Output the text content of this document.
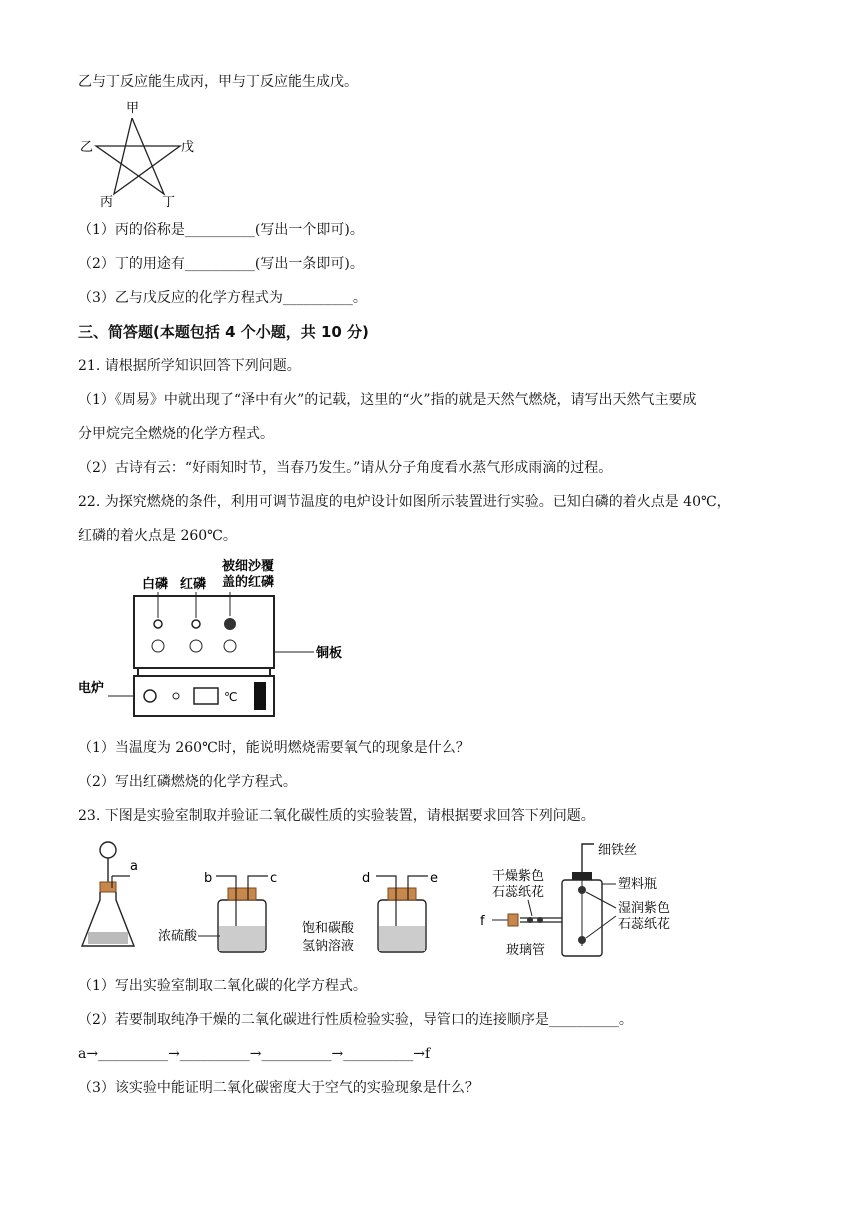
乙与丁反应能生成丙，甲与丁反应能生成戊。
甲
乙	戊
丙	丁
（1）丙的俗称是__________(写出一个即可)。
（2）丁的用途有__________(写出一条即可)。
（3）乙与戊反应的化学方程式为__________。
三、简答题(本题包括 4 个小题，共 10 分)
21. 请根据所学知识回答下列问题。
（1）《周易》中就出现了“泽中有火”的记载，这里的“火”指的就是天然气燃烧，请写出天然气主要成
分甲烷完全燃烧的化学方程式。
（2）古诗有云：“好雨知时节，当春乃发生。”请从分子角度看水蒸气形成雨滴的过程。
22. 为探究燃烧的条件，利用可调节温度的电炉设计如图所示装置进行实验。已知白磷的着火点是 40℃，
红磷的着火点是 260℃。
白磷 红磷
被细沙覆
盖的红磷
铜板
电炉
℃
（1）当温度为 260℃时，能说明燃烧需要氧气的现象是什么？
（2）写出红磷燃烧的化学方程式。
23. 下图是实验室制取并验证二氧化碳性质的实验装置，请根据要求回答下列问题。
a
b	c
浓硫酸
d	e
饱和碳酸
氢钠溶液
f
干燥紫色
石蕊纸花
细铁丝
塑料瓶
湿润紫色
石蕊纸花
玻璃管
（1）写出实验室制取二氧化碳的化学方程式。
（2）若要制取纯净干燥的二氧化碳进行性质检验实验，导管口的连接顺序是__________。
a→__________→__________→__________→__________→f
（3）该实验中能证明二氧化碳密度大于空气的实验现象是什么？
